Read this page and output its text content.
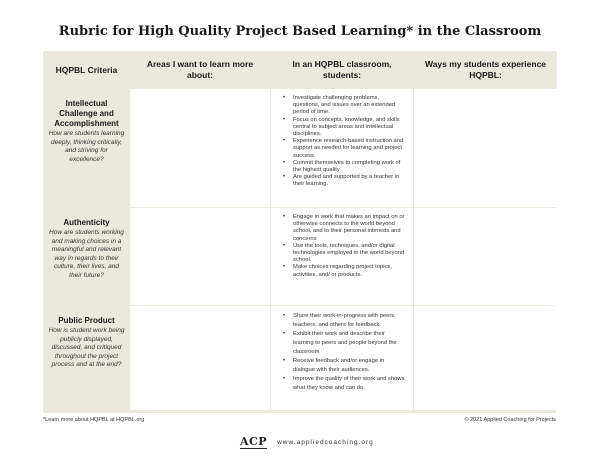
Rubric for High Quality Project Based Learning* in the Classroom
HQPBL Criteria
Areas I want to learn more about:
In an HQPBL classroom, students:
Ways my students experience HQPBL:
Intellectual Challenge and Accomplishment
How are students learning deeply, thinking critically, and striving for excellence?
• Investigate challenging problems, questions, and issues over an extended period of time.
• Focus on concepts, knowledge, and skills central to subject areas and intellectual disciplines.
• Experience research-based instruction and support as needed for learning and project success.
• Commit themselves to completing work of the highest quality.
• Are guided and supported by a teacher in their learning.
Authenticity
How are students working and making choices in a meaningful and relevant way in regards to their culture, their lives, and their future?
• Engage in work that makes an impact on or otherwise connects to the world beyond school, and to their personal interests and concerns
• Use the tools, techniques, and/or digital technologies employed in the world beyond school.
• Make choices regarding project topics, activities, and/ or products.
Public Product
How is student work being publicly displayed, discussed, and critiqued throughout the project process and at the end?
• Share their work-in-progress with peers, teachers, and others for feedback.
• Exhibit their work and describe their learning to peers and people beyond the classroom
• Receive feedback and/or engage in dialogue with their audiences.
• Improve the quality of their work and shows what they know and can do.
*Learn more about HQPBL at HQPBL.org	© 2021 Applied Coaching for Projects
ACP www.appliedcoaching.org
